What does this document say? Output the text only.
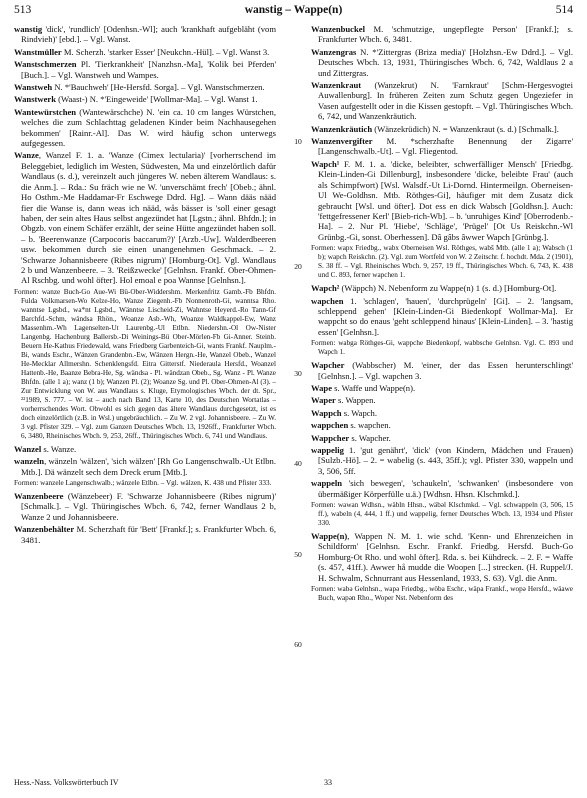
513	wanstig – Wappe(n)	514

wanstig 'dick', 'rundlich' [Odenhsn.-Wl]; auch 'krankhaft aufgebläht (vom Rindvieh)' [ebd.]. – Vgl. Wanst.

Wanstmüller M. Scherzh. 'starker Esser' [Neukchn.-Hül]. – Vgl. Wanst 3.

Wanstschmerzen Pl. 'Tierkrankheit' [Nanzhsn.-Ma], 'Kolik bei Pferden' [Buch.]. – Vgl. Wanstweh und Wampes.

Wanstweh N. *'Bauchweh' [He-Hersfd. Sorga]. – Vgl. Wanstschmerzen.

Wanstwerk (Waast-) N. *'Eingeweide' [Wollmar-Ma]. – Vgl. Wanst 1.

Wantewürstchen (Wantewärschche) N. 'ein ca. 10 cm langes Würstchen, welches die zum Schlachttag geladenen Kinder beim Nachhausegehen bekommen' [Rainr.-Al]. Das W. wird häufig schon unterwegs aufgegessen.

Wanze, Wanzel F. 1. a. 'Wanze (Cimex lectularia)' [vorherrschend im Beleggebiet, lediglich im Westen, Südwesten, Ma und einzelörtlich dafür Wandlaus (s. d.), vereinzelt auch jüngeres W. neben älterem Wandlaus: s. die Anm.]. – Rda.: Su fräch wie ne W. 'unverschämt frech' [Obeb.; ähnl. Ho Osthm.-Me Haddamar-Fr Eschwege Ddrd. Hg]. – Wann dääs nääd fier die Wanse is, dann weas ich nääd, wås bässer is 'soll einer gesagt haben, der sein altes Haus selbst angezündet hat [Lgstn.; ähnl. Bhfdn.]; in Obgzb. von einem Schäfer erzählt, der seine Hütte angezündet haben soll. – b. 'Beerenwanze (Carpocoris baccarum?)' [Arzb.-Uw]. Walderdbeeren usw. bekommen durch sie einen unangenehmen Geschmack. – 2. 'Schwarze Johannisbeere (Ribes nigrum)' [Homburg-Ot]. Vgl. Wandlaus 2 b und Wanzenbeere. – 3. 'Reißzwecke' [Gelnhsn. Frankf. Ober-Ohmen-Al Rschbg. und wohl öfter]. Hol emoal e poa Wannse [Gelnhsn.].

Formen: wanze Buch-Go Aue-Wi Bü-Ober-Widdershm. Merkenfritz Gamb.-Fb Bhfdn. Fulda Volkmarsen-Wo Kelze-Ho, Wanze Ziegenh.-Fb Nonnenroth-Gi, wanntsa Rho. wanntse Lgsbd., wa*nt Lgsbd., Wänntse Lischeid-Zi, Wahntse Heyerd.-Ro Tann-Gf Barchfd.-Schm, wändsa Rhön., Woanze Asb.-Wh, Woanze Waldkappel-Ew, Wanz Massenhm.-Wh Lagenselten-Ut Laurenbg.-Ul Etlbn. Niedershn.-Ol Ow-Nister Langenbg. Hachenburg Ballersb.-Di Weinings-Bü Ober-Mörlen-Fb Gi-Anner. Steinb. Beuern He-Kathus Friedewald, wans Friedberg Garbenteich-Gi, wants Frankf. Nauplm.-Bi, wands Eschr., Wänzen Grandenbn.-Ew, Wänzen Hergn.-He, Wanzel Obeb., Wanzel He-Mecklar Allmershn. Schenklengsfd. Eitra Gitterstf. Niederaula Hersfd., Woanzel Hattenb.-He, Baanze Bebra-He, Sg. wändsa - Pl. wändzan Obeb., Sg. Wanz - Pl. Wanze Bhfdn. (alle 1 a); wanz (1 b); Wanzen Pl. (2); Woanze Sg. und Pl. Ober-Ohmen-Al (3). – Zur Entwicklung von W. aus Wandlaus s. Kluge, Etymologisches Wbch. der dt. Spr., ²²1989, S. 777. – W. ist – auch nach Band 13, Karte 10, des Deutschen Wortatlas – vorherrschendes Wort. Obwohl es sich gegen das ältere Wandlaus durchgesetzt, ist es doch einzelörtlich (z.B. in Wsl.) ungebräuchlich. – Zu W. 2 vgl. Johannisbeere. – Zu W. 3 vgl. Pfister 329. – Vgl. zum Ganzen Deutsches Wbch. 13, 1926ff., Frankfurter Wbch. 6, 3480, Rheinisches Wbch. 9, 253, 26ff., Thüringisches Wbch. 6, 741 und Wandlaus.

Wanzel s. Wanze.

wanzeln, wänzeln 'wälzen', 'sich wälzen' [Rh Go Langenschwalb.-Ut Etlbn. Mtb.]. Dä wänzelt sech dem Dreck erum [Mtb.].

Formen: wanzele Langenschwalb.; wänzele Etlbn. – Vgl. wälzen, K. 438 und Pfister 333.

Wanzenbeere (Wänzebeer) F. 'Schwarze Johannisbeere (Ribes nigrum)' [Schmalk.]. – Vgl. Thüringisches Wbch. 6, 742, ferner Wandlaus 2 b, Wanze 2 und Johannisbeere.

Wanzenbehälter M. Scherzhaft für 'Bett' [Frankf.]; s. Frankfurter Wbch. 6, 3481.

10
20
30
40
50
60

Wanzenbuckel M. 'schmutzige, ungepflegte Person' [Frankf.]; s. Frankfurter Wbch. 6, 3481.

Wanzengras N. *'Zittergras (Briza media)' [Holzhsn.-Ew Ddrd.]. – Vgl. Deutsches Wbch. 13, 1931, Thüringisches Wbch. 6, 742, Waldlaus 2 a und Zittergras.

Wanzenkraut (Wanzekrut) N. 'Farnkraut' [Schm-Hergesvogtei Auwallenburg]. In früheren Zeiten zum Schutz gegen Ungeziefer in Vasen aufgestellt oder in die Kissen gestopft. – Vgl. Thüringisches Wbch. 6, 742, und Wanzenkräutich.

Wanzenkräutich (Wänzekrüdich) N. = Wanzenkraut (s. d.) [Schmalk.].

Wanzenvergifter M. *scherzhafte Benennung der Zigarre' [Langenschwalb.-Ut]. – Vgl. Fliegentod.

Wapch¹ F. M. 1. a. 'dicke, beleibter, schwerfälliger Mensch' [Friedbg. Klein-Linden-Gi Dillenburg], insbesondere 'dicke, beleibte Frau' (auch als Schimpfwort) [Wsl. Walsdf.-Ut Li-Dornd. Hintermeilgn. Oberneisen-Ul We-Goldhsn. Mtb. Röthges-Gi], häufiger mit dem Zusatz dick gebraucht [Wsl. und öfter]. Dot ess en dick Wabsch [Goldhsn.]. Auch: 'fettgefressener Kerl' [Bieb-rich-Wb]. – b. 'unruhiges Kind' [Oberrodenb.-Ha]. – 2. Nur Pl. 'Hiebe', 'Schläge', 'Prügel' [Ot Us Reiskchn.-Wl Grünbg.-Gi, sonst. Oberhessen]. Dâ gâbs âwwer Wapch [Grünbg.].

Formen: wapx Friedbg., wabx Oberneisen Wsl. Röthges, wabš Mtb. (alle 1 a); Wabsch (1 b); wapch Reiskchn. (2). Vgl. zum Wortfeld von W. 2 Zeitschr. f. hochdt. Mda. 2 (1901), S. 38 ff. – Vgl. Rheinisches Wbch. 9, 257, 19 ff., Thüringisches Wbch. 6, 743, K. 438 und C. 893, ferner wapchen 1.

Wapch² (Wäppch) N. Nebenform zu Wappe(n) 1 (s. d.) [Homburg-Ot].

wapchen 1. 'schlagen', 'hauen', 'durchprügeln' [Gi]. – 2. 'langsam, schleppend gehen' [Klein-Linden-Gi Biedenkopf Wollmar-Ma]. Er wappcht so do enaus 'geht schleppend hinaus' [Klein-Linden]. – 3. 'hastig essen' [Gelnhsn.].

Formen: wabga Röthges-Gi, wappche Biedenkopf, wabbsche Gelnhsn. Vgl. C. 893 und Wapch 1.

Wapcher (Wabbscher) M. 'einer, der das Essen herunterschlingt' [Gelnhsn.]. – Vgl. wapchen 3.

Wape s. Waffe und Wappe(n).

Waper s. Wappen.

Wappch s. Wapch.

wappchen s. wapchen.

Wappcher s. Wapcher.

wappelig 1. 'gut genährt', 'dick' (von Kindern, Mädchen und Frauen) [Sulzb.-Hö]. – 2. = wabelig (s. 443, 35ff.); vgl. Pfister 330, wappeln und 3, 506, 5ff.

wappeln 'sich bewegen', 'schaukeln', 'schwanken' (insbesondere von übermäßiger Körperfülle u.ä.) [Wdhsn. Hhsn. Klschmkd.].

Formen: wawan Wdhsn., wäbln Hhsn., wäbǝl Klschmkd. – Vgl. schwappeln (3, 506, 15 ff.), wabeln (4, 444, 1 ff.) und wappelig, ferner Deutsches Wbch. 13, 1934 und Pfister 330.

Wappe(n), Wappen N. M. 1. wie schd. 'Kenn- und Ehrenzeichen in Schildform' [Gelnhsn. Eschr. Frankf. Friedbg. Hersfd. Buch-Go Homburg-Ot Rho. und wohl öfter]. Rda. s. bei Kühdreck. – 2. F. = Waffe (s. 457, 41ff.). Awwer hå mudde die Woopen [...] strecken. (H. Ruppel/J. H. Schwalm, Schnurrant aus Hessenland, 1933, S. 63). Vgl. die Anm.

Formen: wabǝ Gelnhsn., wapǝ Friedbg., wöba Eschr., wäpa Frankf., wopǝ Hersfd., wäawe Buch, wapǝn Rho., Woper Nst. Nebenform des

Hess.-Nass. Volkswörterbuch IV	33
